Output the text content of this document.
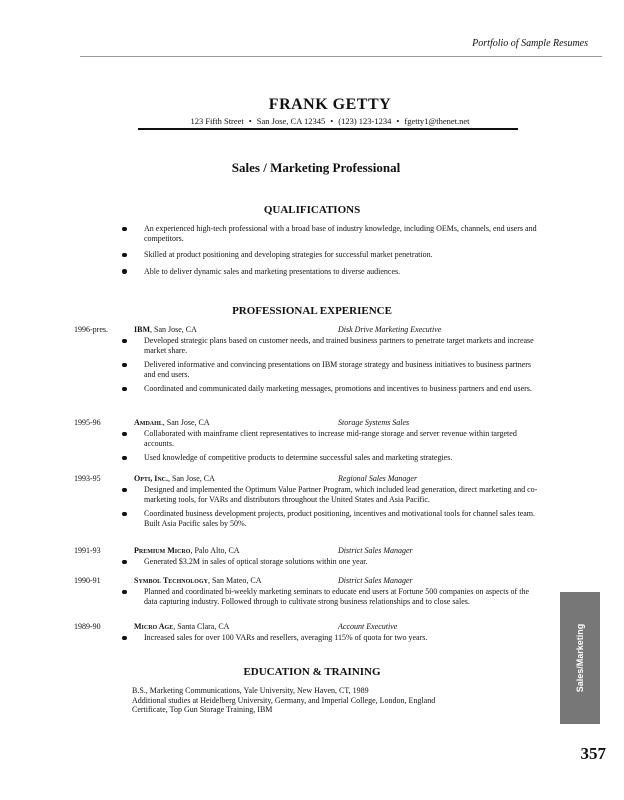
Portfolio of Sample Resumes
FRANK GETTY
123 Fifth Street • San Jose, CA 12345 • (123) 123-1234 • fgetty1@thenet.net
Sales / Marketing Professional
QUALIFICATIONS
An experienced high-tech professional with a broad base of industry knowledge, including OEMs, channels, end users and competitors.
Skilled at product positioning and developing strategies for successful market penetration.
Able to deliver dynamic sales and marketing presentations to diverse audiences.
PROFESSIONAL EXPERIENCE
1996-pres.	IBM, San Jose, CA	Disk Drive Marketing Executive
Developed strategic plans based on customer needs, and trained business partners to penetrate target markets and increase market share.
Delivered informative and convincing presentations on IBM storage strategy and business initiatives to business partners and end users.
Coordinated and communicated daily marketing messages, promotions and incentives to business partners and end users.
1995-96	Amdahl, San Jose, CA	Storage Systems Sales
Collaborated with mainframe client representatives to increase mid-range storage and server revenue within targeted accounts.
Used knowledge of competitive products to determine successful sales and marketing strategies.
1993-95	Opti, Inc., San Jose, CA	Regional Sales Manager
Designed and implemented the Optimum Value Partner Program, which included lead generation, direct marketing and co-marketing tools, for VARs and distributors throughout the United States and Asia Pacific.
Coordinated business development projects, product positioning, incentives and motivational tools for channel sales team. Built Asia Pacific sales by 50%.
1991-93	Premium Micro, Palo Alto, CA	District Sales Manager
Generated $3.2M in sales of optical storage solutions within one year.
1990-91	Symbol Technology, San Mateo, CA	District Sales Manager
Planned and coordinated bi-weekly marketing seminars to educate end users at Fortune 500 companies on aspects of the data capturing industry. Followed through to cultivate strong business relationships and to close sales.
1989-90	Micro Age, Santa Clara, CA	Account Executive
Increased sales for over 100 VARs and resellers, averaging 115% of quota for two years.
EDUCATION & TRAINING
B.S., Marketing Communications, Yale University, New Haven, CT, 1989
Additional studies at Heidelberg University, Germany, and Imperial College, London, England
Certificate, Top Gun Storage Training, IBM
Sales/Marketing
357
